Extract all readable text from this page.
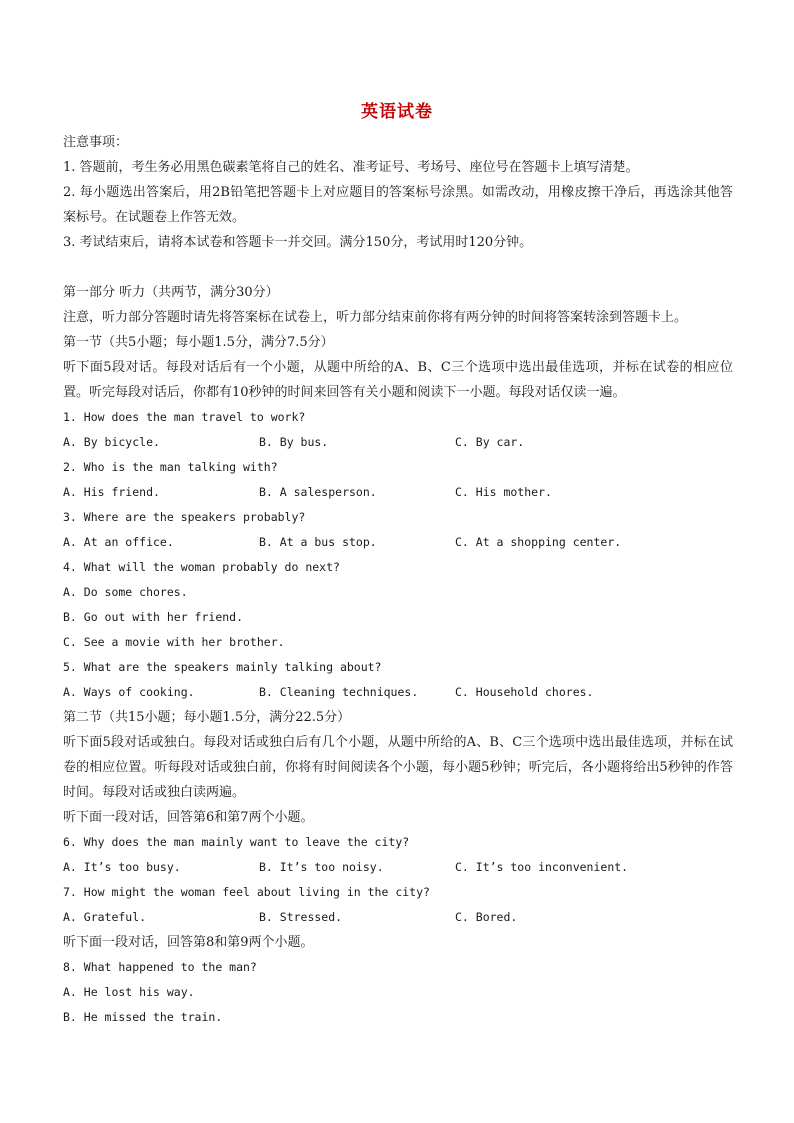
英语试卷
注意事项：
1. 答题前，考生务必用黑色碳素笔将自己的姓名、准考证号、考场号、座位号在答题卡上填写清楚。
2. 每小题选出答案后，用2B铅笔把答题卡上对应题目的答案标号涂黑。如需改动，用橡皮擦干净后，再选涂其他答案标号。在试题卷上作答无效。
3. 考试结束后，请将本试卷和答题卡一并交回。满分150分，考试用时120分钟。
第一部分 听力（共两节，满分30分）
注意，听力部分答题时请先将答案标在试卷上，听力部分结束前你将有两分钟的时间将答案转涂到答题卡上。
第一节（共5小题；每小题1.5分，满分7.5分）
听下面5段对话。每段对话后有一个小题，从题中所给的A、B、C三个选项中选出最佳选项，并标在试卷的相应位置。听完每段对话后，你都有10秒钟的时间来回答有关小题和阅读下一小题。每段对话仅读一遍。
1. How does the man travel to work?
A. By bicycle.	B. By bus.	C. By car.
2. Who is the man talking with?
A. His friend.	B. A salesperson.	C. His mother.
3. Where are the speakers probably?
A. At an office.	B. At a bus stop.	C. At a shopping center.
4. What will the woman probably do next?
A. Do some chores.
B. Go out with her friend.
C. See a movie with her brother.
5. What are the speakers mainly talking about?
A. Ways of cooking.	B. Cleaning techniques.	C. Household chores.
第二节（共15小题；每小题1.5分，满分22.5分）
听下面5段对话或独白。每段对话或独白后有几个小题，从题中所给的A、B、C三个选项中选出最佳选项，并标在试卷的相应位置。听每段对话或独白前，你将有时间阅读各个小题，每小题5秒钟；听完后，各小题将给出5秒钟的作答时间。每段对话或独白读两遍。
听下面一段对话，回答第6和第7两个小题。
6. Why does the man mainly want to leave the city?
A. It’s too busy.	B. It’s too noisy.	C. It’s too inconvenient.
7. How might the woman feel about living in the city?
A. Grateful.	B. Stressed.	C. Bored.
听下面一段对话，回答第8和第9两个小题。
8. What happened to the man?
A. He lost his way.
B. He missed the train.
